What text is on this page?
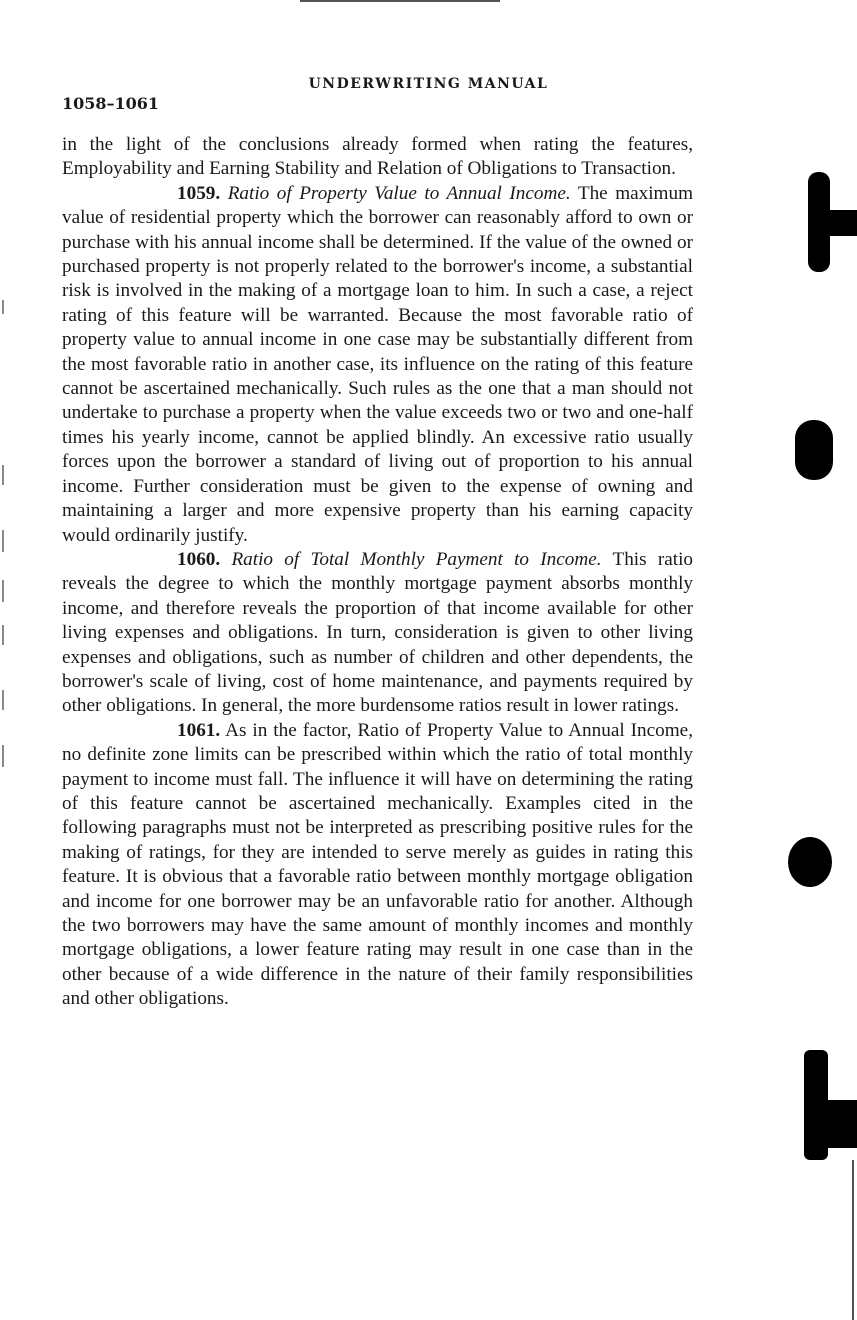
UNDERWRITING MANUAL
1058–1061

in the light of the conclusions already formed when rating the features, Employability and Earning Stability and Relation of Obligations to Transaction.

1059. Ratio of Property Value to Annual Income. The maximum value of residential property which the borrower can reasonably afford to own or purchase with his annual income shall be determined. If the value of the owned or purchased property is not properly related to the borrower's income, a substantial risk is involved in the making of a mortgage loan to him. In such a case, a reject rating of this feature will be warranted. Because the most favorable ratio of property value to annual income in one case may be substantially different from the most favorable ratio in another case, its influence on the rating of this feature cannot be ascertained mechanically. Such rules as the one that a man should not undertake to purchase a property when the value exceeds two or two and one-half times his yearly income, cannot be applied blindly. An excessive ratio usually forces upon the borrower a standard of living out of proportion to his annual income. Further consideration must be given to the expense of owning and maintaining a larger and more expensive property than his earning capacity would ordinarily justify.

1060. Ratio of Total Monthly Payment to Income. This ratio reveals the degree to which the monthly mortgage payment absorbs monthly income, and therefore reveals the proportion of that income available for other living expenses and obligations. In turn, consideration is given to other living expenses and obligations, such as number of children and other dependents, the borrower's scale of living, cost of home maintenance, and payments required by other obligations. In general, the more burdensome ratios result in lower ratings.

1061. As in the factor, Ratio of Property Value to Annual Income, no definite zone limits can be prescribed within which the ratio of total monthly payment to income must fall. The influence it will have on determining the rating of this feature cannot be ascertained mechanically. Examples cited in the following paragraphs must not be interpreted as prescribing positive rules for the making of ratings, for they are intended to serve merely as guides in rating this feature. It is obvious that a favorable ratio between monthly mortgage obligation and income for one borrower may be an unfavorable ratio for another. Although the two borrowers may have the same amount of monthly incomes and monthly mortgage obligations, a lower feature rating may result in one case than in the other because of a wide difference in the nature of their family responsibilities and other obligations.
